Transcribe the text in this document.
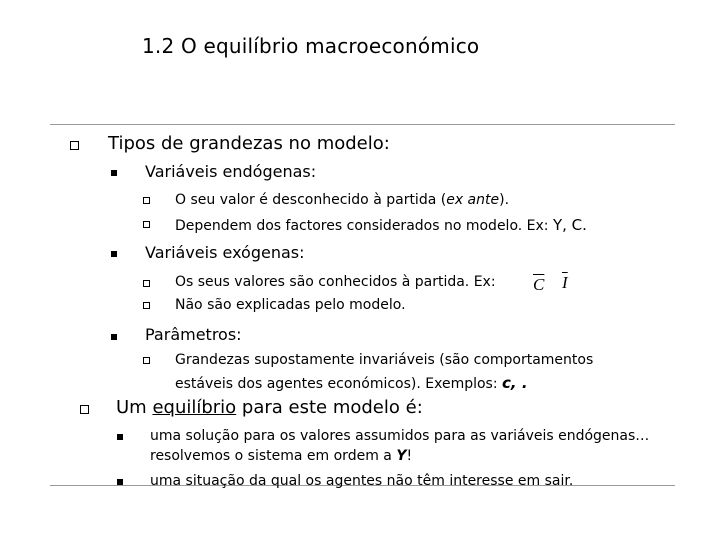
1.2 O equilíbrio macroeconómico
Tipos de grandezas no modelo:
Variáveis endógenas:
O seu valor é desconhecido à partida (ex ante).
Dependem dos factores considerados no modelo. Ex: Y, C.
Variáveis exógenas:
Os seus valores são conhecidos à partida. Ex: $\overline{C}$ $\overline{I}$
Não são explicadas pelo modelo.
Parâmetros:
Grandezas supostamente invariáveis (são comportamentos
estáveis dos agentes económicos). Exemplos: c, .
Um equilíbrio para este modelo é:
uma solução para os valores assumidos para as variáveis endógenas…
resolvemos o sistema em ordem a Y!
uma situação da qual os agentes não têm interesse em sair.
